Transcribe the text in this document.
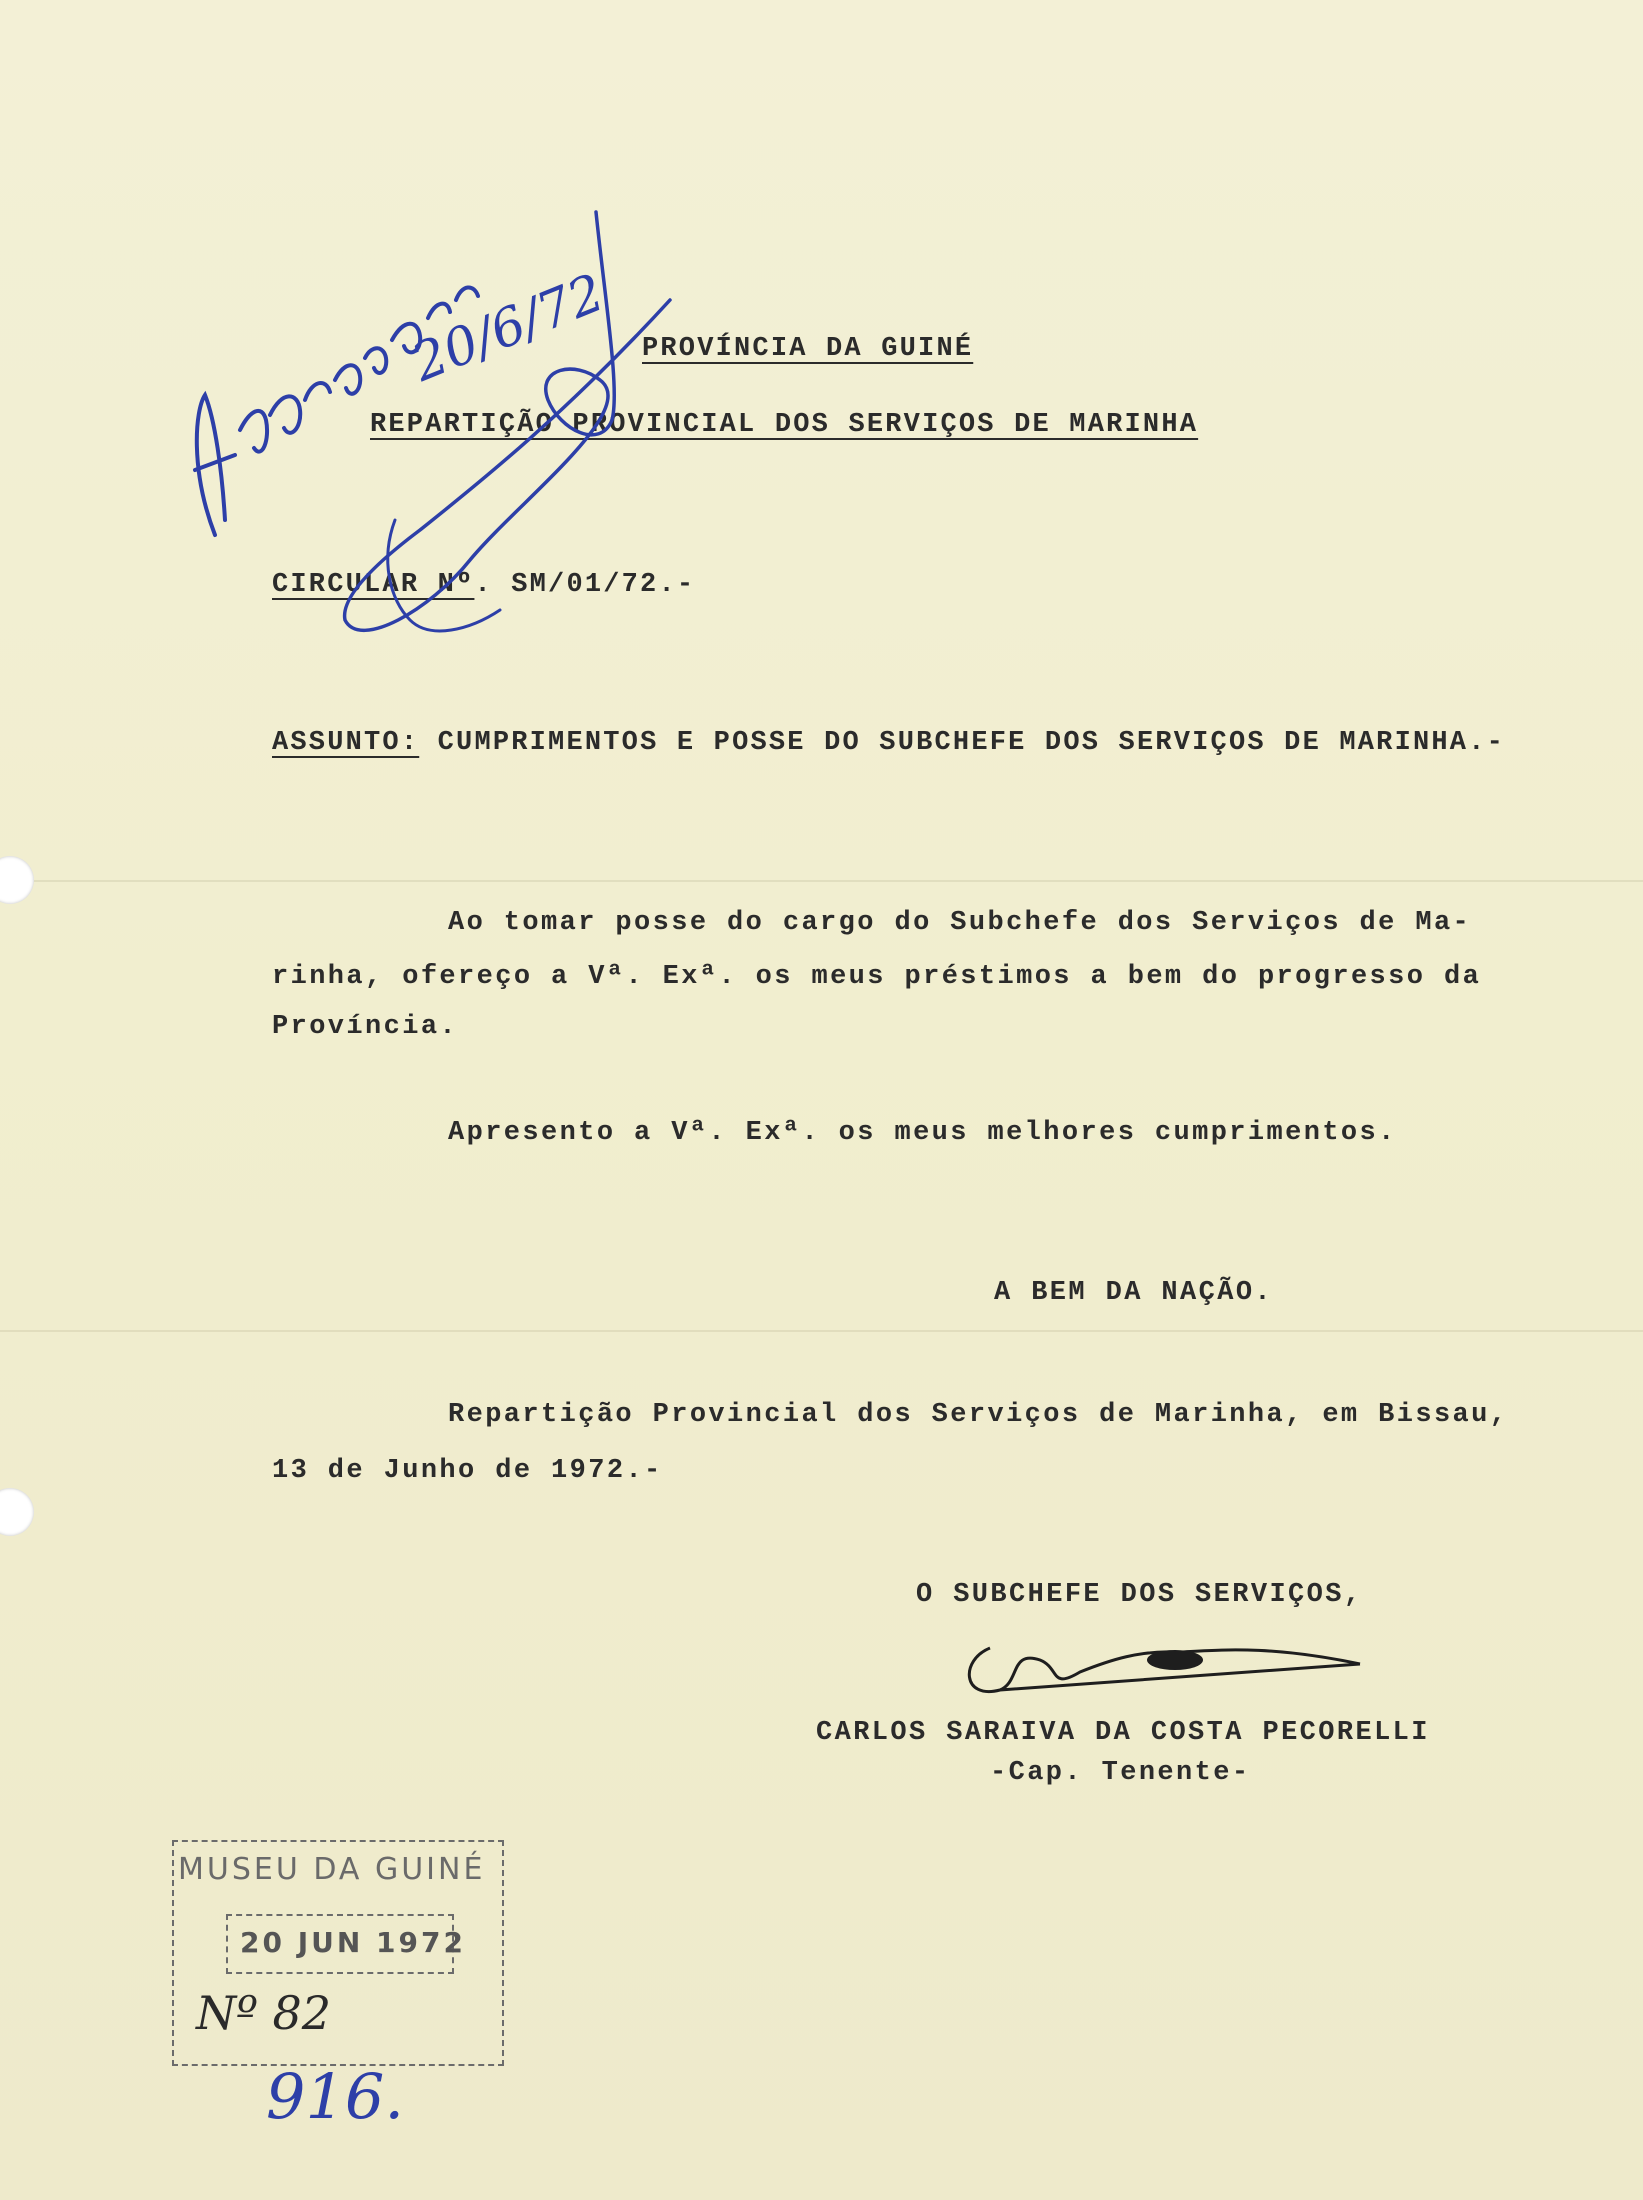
PROVÍNCIA DA GUINÉ
REPARTIÇÃO PROVINCIAL DOS SERVIÇOS DE MARINHA
CIRCULAR Nº. SM/01/72.-
ASSUNTO: CUMPRIMENTOS E POSSE DO SUBCHEFE DOS SERVIÇOS DE MARINHA.-
Ao tomar posse do cargo do Subchefe dos Serviços de Ma-
rinha, ofereço a Vª. Exª. os meus préstimos a bem do progresso da
Província.
Apresento a Vª. Exª. os meus melhores cumprimentos.
A BEM DA NAÇÃO.
Repartição Provincial dos Serviços de Marinha, em Bissau,
13 de Junho de 1972.-
O SUBCHEFE DOS SERVIÇOS,
CARLOS SARAIVA DA COSTA PECORELLI
-Cap. Tenente-
MUSEU DA GUINÉ
20 JUN 1972
Nº 82
20/6/72
916.
